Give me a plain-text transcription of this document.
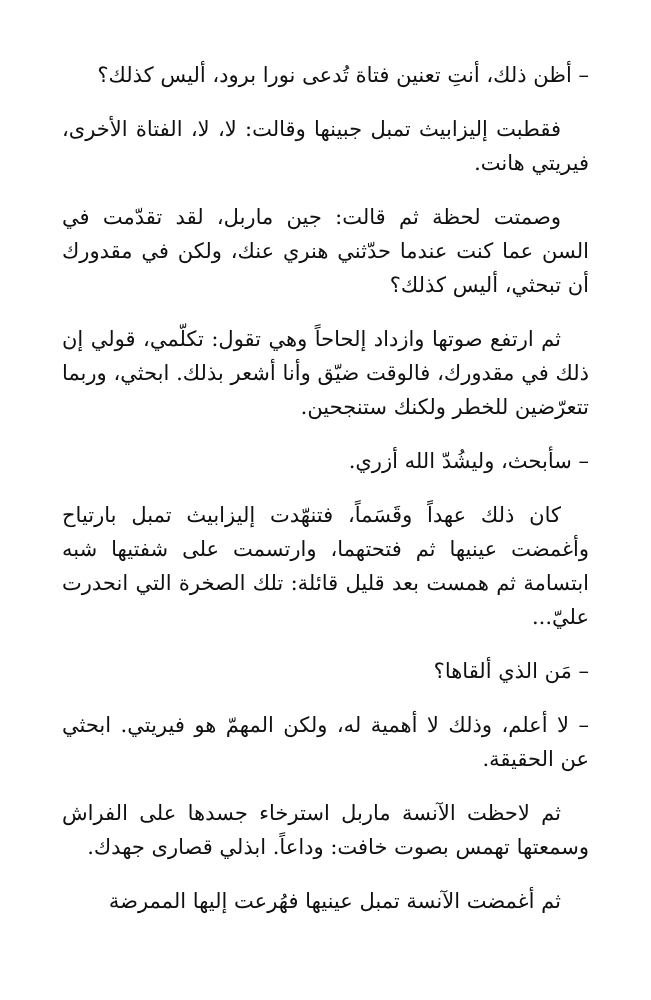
– أظن ذلك، أنتِ تعنين فتاة تُدعى نورا برود، أليس كذلك؟

فقطبت إليزابيث تمبل جبينها وقالت: لا، لا، الفتاة الأخرى، فيريتي هانت.

وصمتت لحظة ثم قالت: جين ماربل، لقد تقدّمت في السن عما كنت عندما حدّثني هنري عنك، ولكن في مقدورك أن تبحثي، أليس كذلك؟

ثم ارتفع صوتها وازداد إلحاحاً وهي تقول: تكلّمي، قولي إن ذلك في مقدورك، فالوقت ضيّق وأنا أشعر بذلك. ابحثي، وربما تتعرّضين للخطر ولكنك ستنجحين.

– سأبحث، وليشُدّ الله أزري.

كان ذلك عهداً وقَسَماً، فتنهّدت إليزابيث تمبل بارتياح وأغمضت عينيها ثم فتحتهما، وارتسمت على شفتيها شبه ابتسامة ثم همست بعد قليل قائلة: تلك الصخرة التي انحدرت عليّ...

– مَن الذي ألقاها؟

– لا أعلم، وذلك لا أهمية له، ولكن المهمّ هو فيريتي. ابحثي عن الحقيقة.

ثم لاحظت الآنسة ماربل استرخاء جسدها على الفراش وسمعتها تهمس بصوت خافت: وداعاً. ابذلي قصارى جهدك.

ثم أغمضت الآنسة تمبل عينيها فهُرعت إليها الممرضة
